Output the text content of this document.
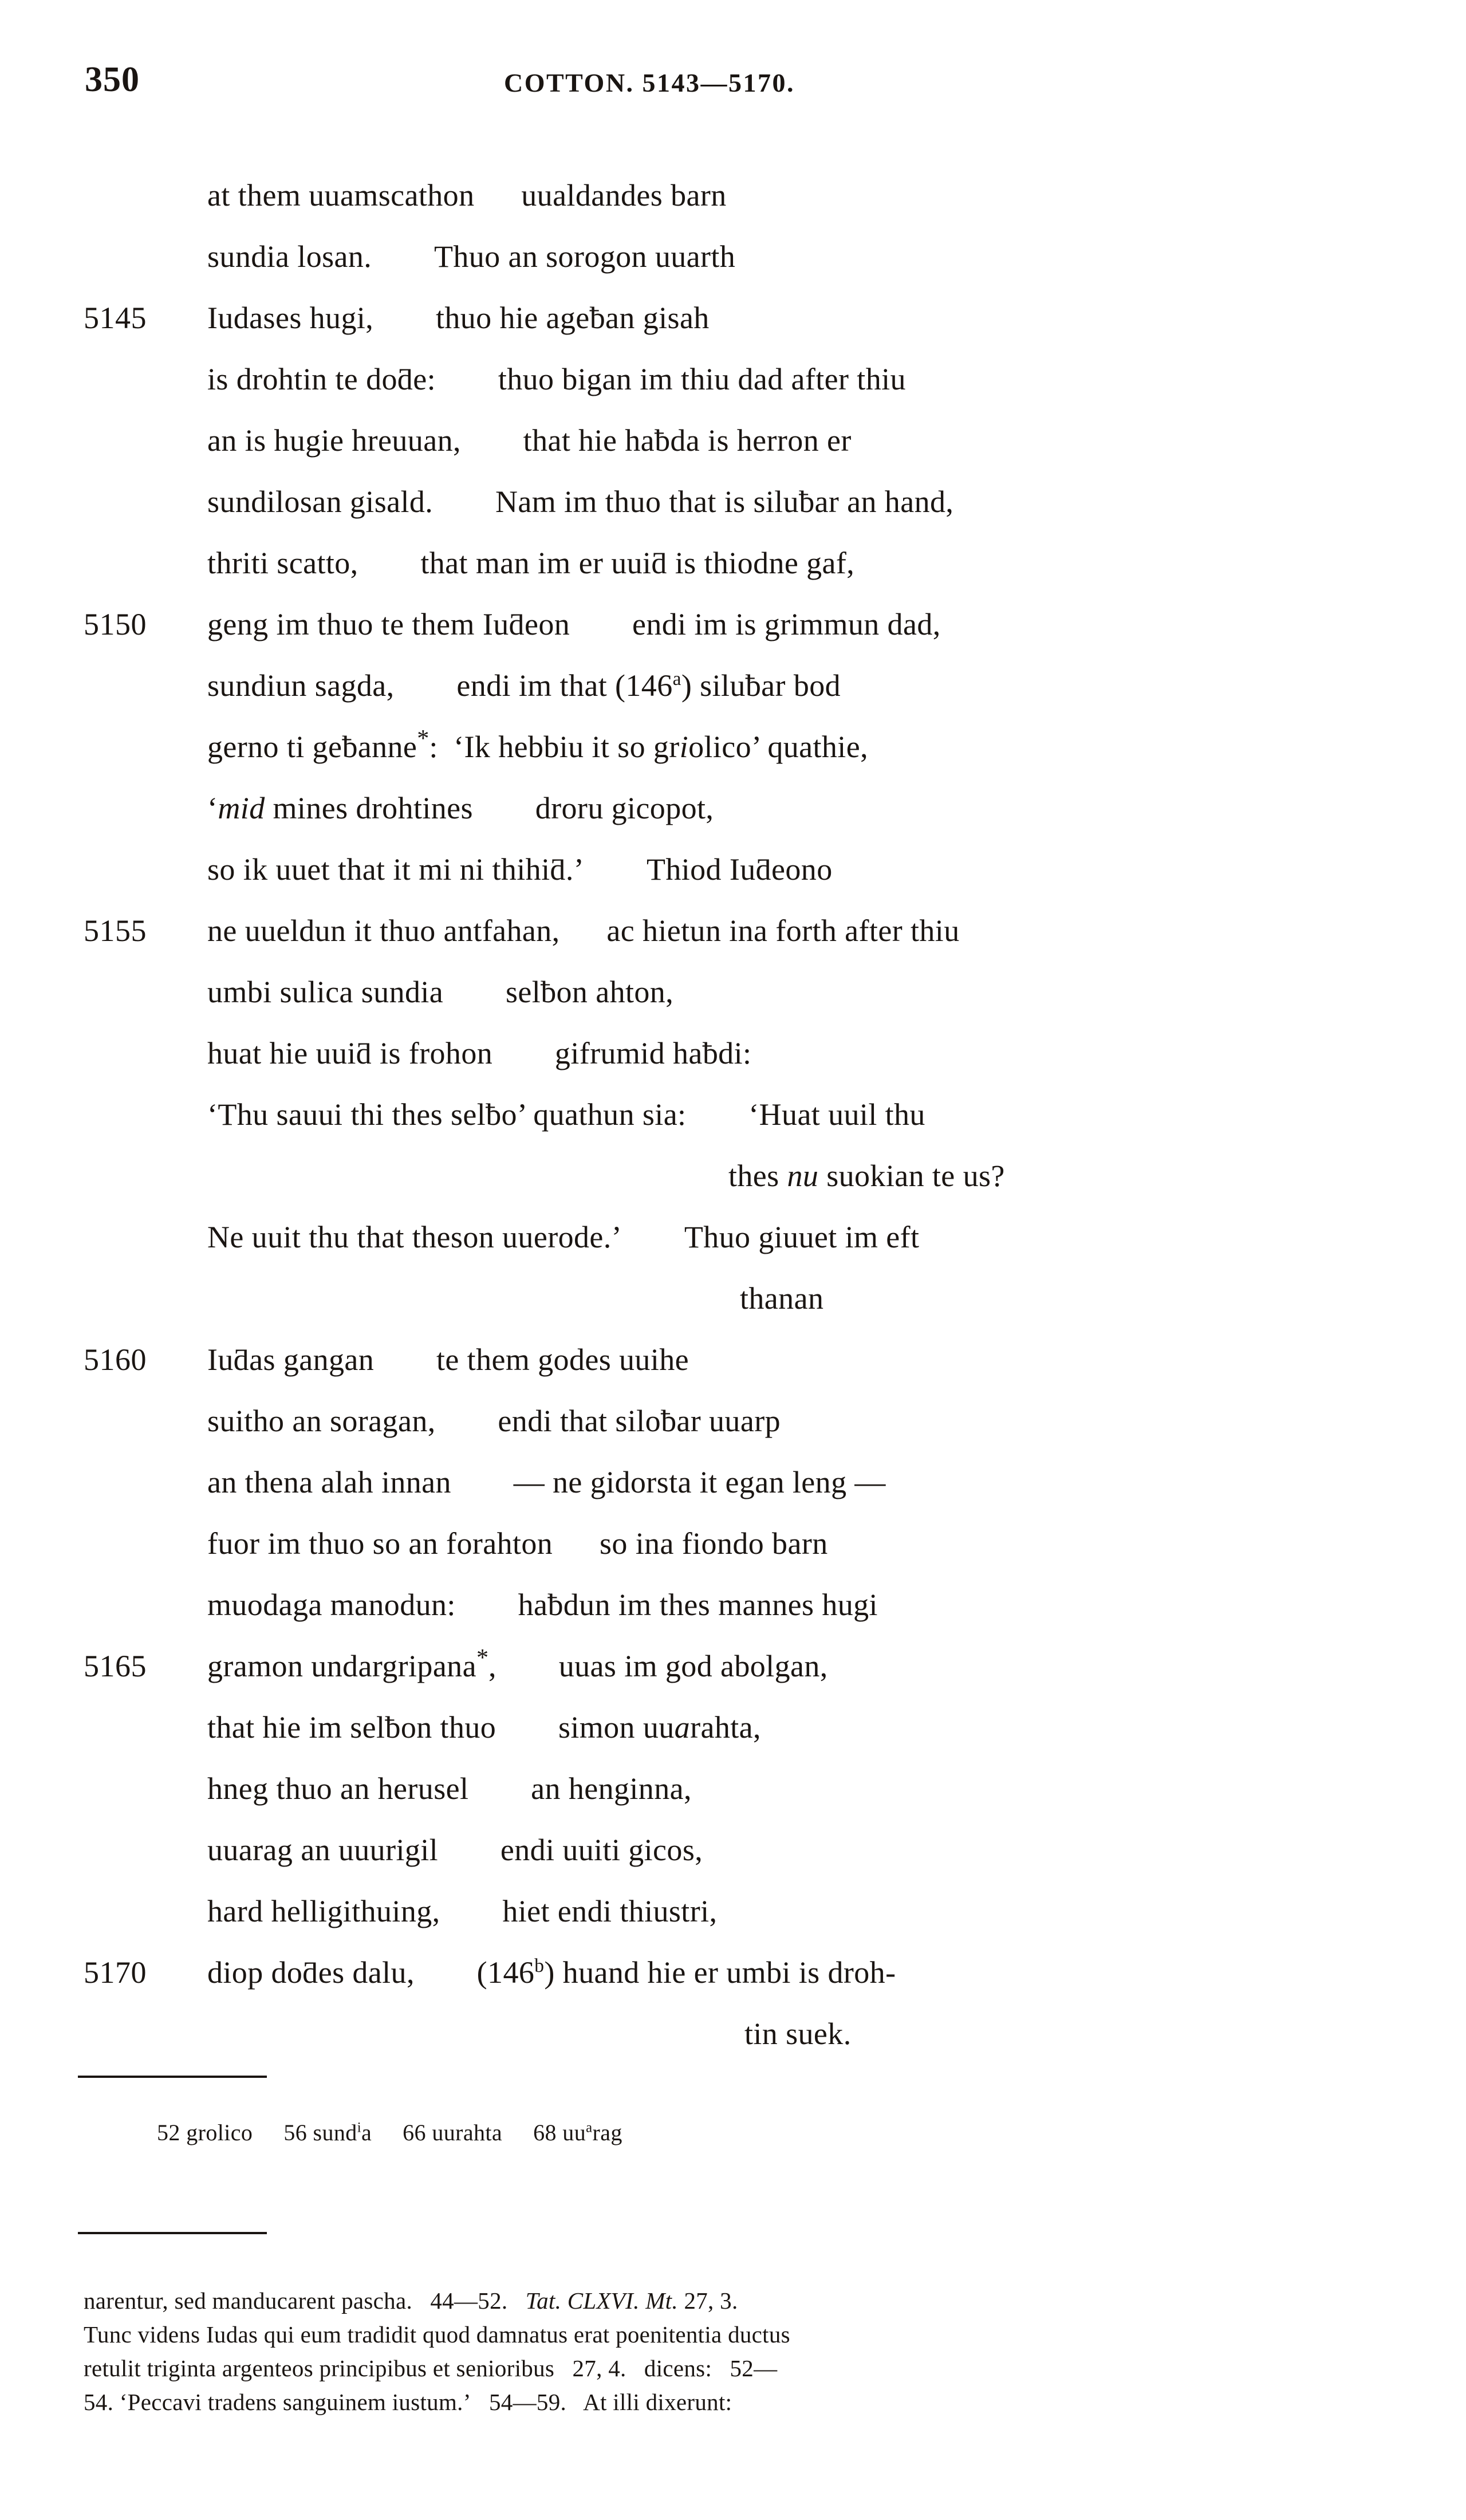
350	COTTON. 5143—5170.
at them uuamscathon  uualdandes barn
sundia losan.  Thuo an sorogon uuarth
5145 Iudases hugi,  thuo hie ageƀan gisah
is drohtin te doƌe:  thuo bigan im thiu dad after thiu
an is hugie hreuuan,  that hie haƀda is herron er
sundilosan gisald.  Nam im thuo that is siluƀar an hand,
thriti scatto,  that man im er uuiƌ is thiodne gaf,
5150 geng im thuo te them Iuƌeon  endi im is grimmun dad,
sundiun sagda,  endi im that (146$^a$) siluƀar bod
gerno ti geƀanne*: ‘Ik hebbiu it so griolico’ quathie,
‘mid mines drohtines  droru gicopot,
so ik uuet that it mi ni thihiƌ.’  Thiod Iuƌeono
5155 ne uueldun it thuo antfahan,  ac hietun ina forth after thiu
umbi sulica sundia  selƀon ahton,
huat hie uuiƌ is frohon  gifrumid haƀdi:
‘Thu sauui thi thes selƀo’ quathun sia:  ‘Huat uuil thu
thes nu suokian te us?
Ne uuit thu that theson uuerode.’  Thuo giuuet im eft
thanan
5160 Iuƌas gangan  te them godes uuihe
suitho an soragan,  endi that siloƀar uuarp
an thena alah innan  — ne gidorsta it egan leng —
fuor im thuo so an forahton  so ina fiondo barn
muodaga manodun:  haƀdun im thes mannes hugi
5165 gramon undargripana*,  uuas im god abolgan,
that hie im selƀon thuo  simon uuarahta,
hneg thuo an herusel  an henginna,
uuarag an uuurigil  endi uuiti gicos,
hard helligithuing,  hiet endi thiustri,
5170 diop doƌes dalu,  (146$^b$) huand hie er umbi is droh-
tin suek.
52 grolico 56 sund$^i$a 66 uurahta 68 $uu^arag$
narentur, sed manducarent pascha.  44—52.  Tat. CLXVI. Mt. 27, 3.
Tunc videns Iudas qui eum tradidit quod damnatus erat poenitentia ductus
retulit triginta argenteos principibus et senioribus  27, 4.  dicens:  52—
54. ‘Peccavi tradens sanguinem iustum.’  54—59.  At illi dixerunt:
